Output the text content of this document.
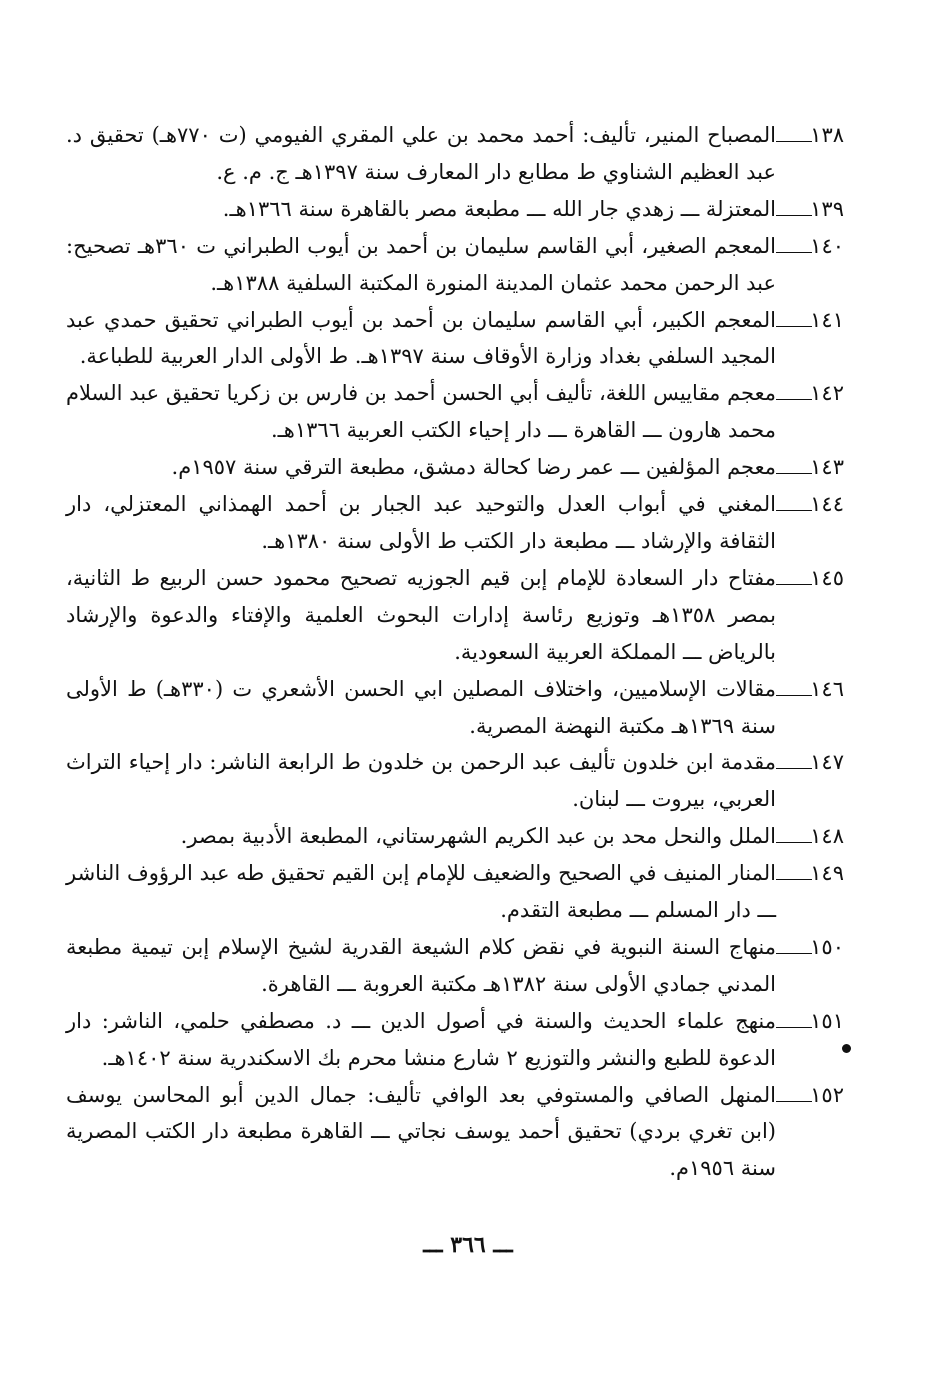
١٣٨المصباح المنير، تأليف: أحمد محمد بن علي المقري الفيومي (ت ٧٧٠هـ) تحقيق د. عبد العظيم الشناوي ط مطابع دار المعارف سنة ١٣٩٧هـ ج. م. ع.
١٣٩المعتزلة ـــ زهدي جار الله ـــ مطبعة مصر بالقاهرة سنة ١٣٦٦هـ.
١٤٠المعجم الصغير، أبي القاسم سليمان بن أحمد بن أيوب الطبراني ت ٣٦٠هـ تصحيح: عبد الرحمن محمد عثمان المدينة المنورة المكتبة السلفية ١٣٨٨هـ.
١٤١المعجم الكبير، أبي القاسم سليمان بن أحمد بن أيوب الطبراني تحقيق حمدي عبد المجيد السلفي بغداد وزارة الأوقاف سنة ١٣٩٧هـ. ط الأولى الدار العربية للطباعة.
١٤٢معجم مقاييس اللغة، تأليف أبي الحسن أحمد بن فارس بن زكريا تحقيق عبد السلام محمد هارون ـــ القاهرة ـــ دار إحياء الكتب العربية ١٣٦٦هـ.
١٤٣معجم المؤلفين ـــ عمر رضا كحالة دمشق، مطبعة الترقي سنة ١٩٥٧م.
١٤٤المغني في أبواب العدل والتوحيد عبد الجبار بن أحمد الهمذاني المعتزلي، دار الثقافة والإرشاد ـــ مطبعة دار الكتب ط الأولى سنة ١٣٨٠هـ.
١٤٥مفتاح دار السعادة للإمام إبن قيم الجوزيه تصحيح محمود حسن الربيع ط الثانية، بمصر ١٣٥٨هـ وتوزيع رئاسة إدارات البحوث العلمية والإفتاء والدعوة والإرشاد بالرياض ـــ المملكة العربية السعودية.
١٤٦مقالات الإسلاميين، واختلاف المصلين ابي الحسن الأشعري ت (٣٣٠هـ) ط الأولى سنة ١٣٦٩هـ مكتبة النهضة المصرية.
١٤٧مقدمة ابن خلدون تأليف عبد الرحمن بن خلدون ط الرابعة الناشر: دار إحياء التراث العربي، بيروت ـــ لبنان.
١٤٨الملل والنحل محد بن عبد الكريم الشهرستاني، المطبعة الأدبية بمصر.
١٤٩المنار المنيف في الصحيح والضعيف للإمام إبن القيم تحقيق طه عبد الرؤوف الناشر ـــ دار المسلم ـــ مطبعة التقدم.
١٥٠منهاج السنة النبوية في نقض كلام الشيعة القدرية لشيخ الإسلام إبن تيمية مطبعة المدني جمادي الأولى سنة ١٣٨٢هـ مكتبة العروبة ـــ القاهرة.
١٥١منهج علماء الحديث والسنة في أصول الدين ـــ د. مصطفي حلمي، الناشر: دار الدعوة للطبع والنشر والتوزيع ٢ شارع منشا محرم بك الاسكندرية سنة ١٤٠٢هـ.
١٥٢المنهل الصافي والمستوفي بعد الوافي تأليف: جمال الدين أبو المحاسن يوسف (ابن تغري بردي) تحقيق أحمد يوسف نجاتي ـــ القاهرة مطبعة دار الكتب المصرية سنة ١٩٥٦م.
ـــ ٣٦٦ ـــ
